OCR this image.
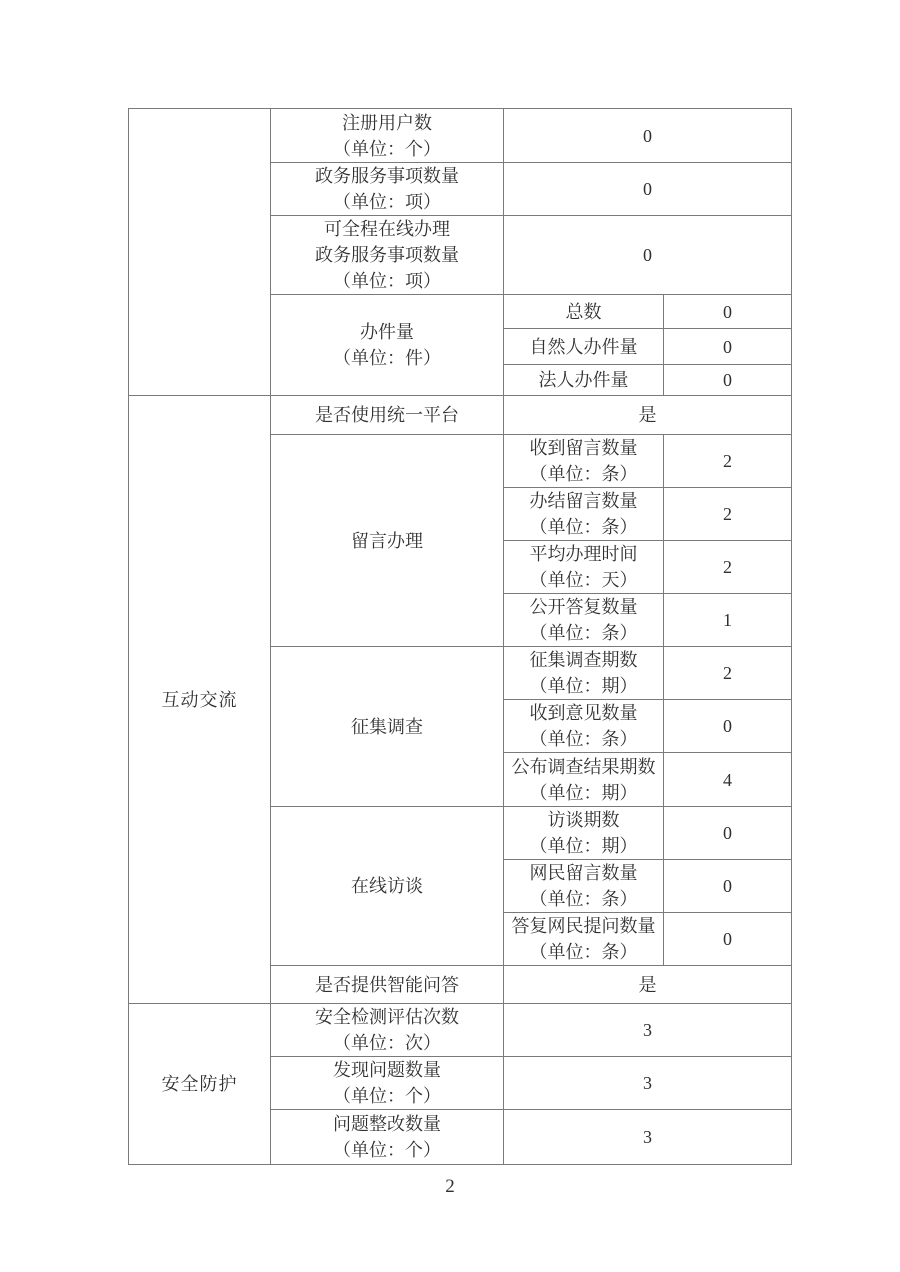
	注册用户数
（单位：个）	0	

	政务服务事项数量
（单位：项）	0	

	可全程在线办理
政务服务事项数量
（单位：项）	0	

	办件量
（单位：件）	总数	0
		自然人办件量	0
		法人办件量	0
互动交流	是否使用统一平台	是	
	留言办理	收到留言数量
（单位：条）	2

		办结留言数量
（单位：条）	2

		平均办理时间
（单位：天）	2

		公开答复数量
（单位：条）	1
	征集调查	征集调查期数
（单位：期）	2

		收到意见数量
（单位：条）	0

		公布调查结果期数
（单位：期）	4
	在线访谈	访谈期数
（单位：期）	0

		网民留言数量
（单位：条）	0

		答复网民提问数量
（单位：条）	0
	是否提供智能问答	是	
安全防护	安全检测评估次数
（单位：次）	3	

	发现问题数量
（单位：个）	3	

	问题整改数量
（单位：个）	3	
2
